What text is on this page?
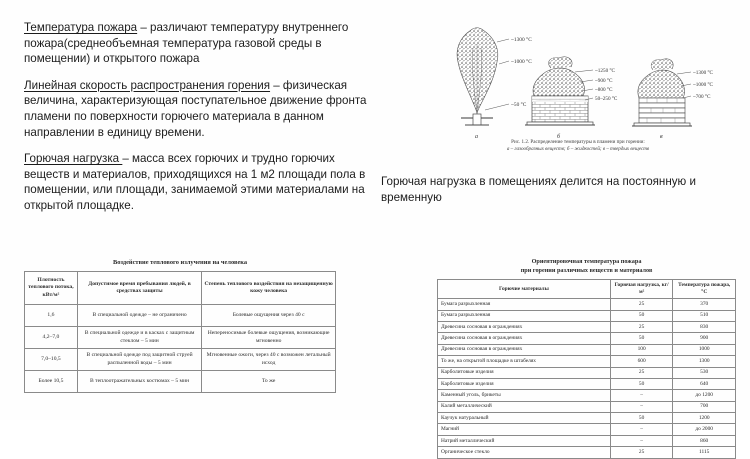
Температура пожара – различают температуру внутреннего пожара(среднеобъемная температура газовой среды в помещении) и открытого пожара

Линейная скорость распространения горения – физическая величина, характеризующая поступательное движение фронта пламени по поверхности горючего материала в данном направлении в единицу времени.

Горючая нагрузка – масса всех горючих и трудно горючих веществ и материалов, приходящихся на 1 м2 площади пола в помещении, или площади, занимаемой этими материалами на открытой площадке.

Горючая нагрузка в помещениях делится на постоянную и временную
~1300 °С
~1000 °С
~50 °С
а
~1250 °С
~900 °С
~800 °С
50–250 °С
б
~1300 °С
~1000 °С
~700 °С
в
Рис. 1.2. Распределение температуры в пламени при горении:
а – газообразных веществ; б – жидкостей; в – твердых веществ
Воздействие теплового излучения на человека
Плотность теплового потока, кВт/м²	Допустимое время пребывания людей, в средствах защиты	Степень теплового воздействия на незащищенную кожу человека
1,6	В специальной одежде – не ограничено	Болевые ощущения через 40 с
4,2–7,0	В специальной одежде и в касках с защитным стеклом – 5 мин	Непереносимые болевые ощущения, возникающие мгновенно
7,0–10,5	В специальной одежде под защитной струей распыленной воды – 5 мин	Мгновенные ожоги, через 40 с возможен летальный исход
Более 10,5	В теплоотражательных костюмах – 5 мин	То же
Ориентировочная температура пожара
при горении различных веществ и материалов
Горючие материалы	Горючая нагрузка, кг/м²	Температура пожара, °С
Бумага разрыхленная	25	370
Бумага разрыхленная	50	510
Древесина сосновая в ограждениях	25	830
Древесина сосновая в ограждениях	50	900
Древесина сосновая в ограждениях	100	1000
То же, на открытой площадке в штабелях	600	1300
Карболитовые изделия	25	530
Карболитовые изделия	50	640
Каменный уголь, брикеты	–	до 1200
Калий металлический	–	700
Каучук натуральный	50	1200
Магний	–	до 2000
Натрий металлический	–	860
Органическое стекло	25	1115
